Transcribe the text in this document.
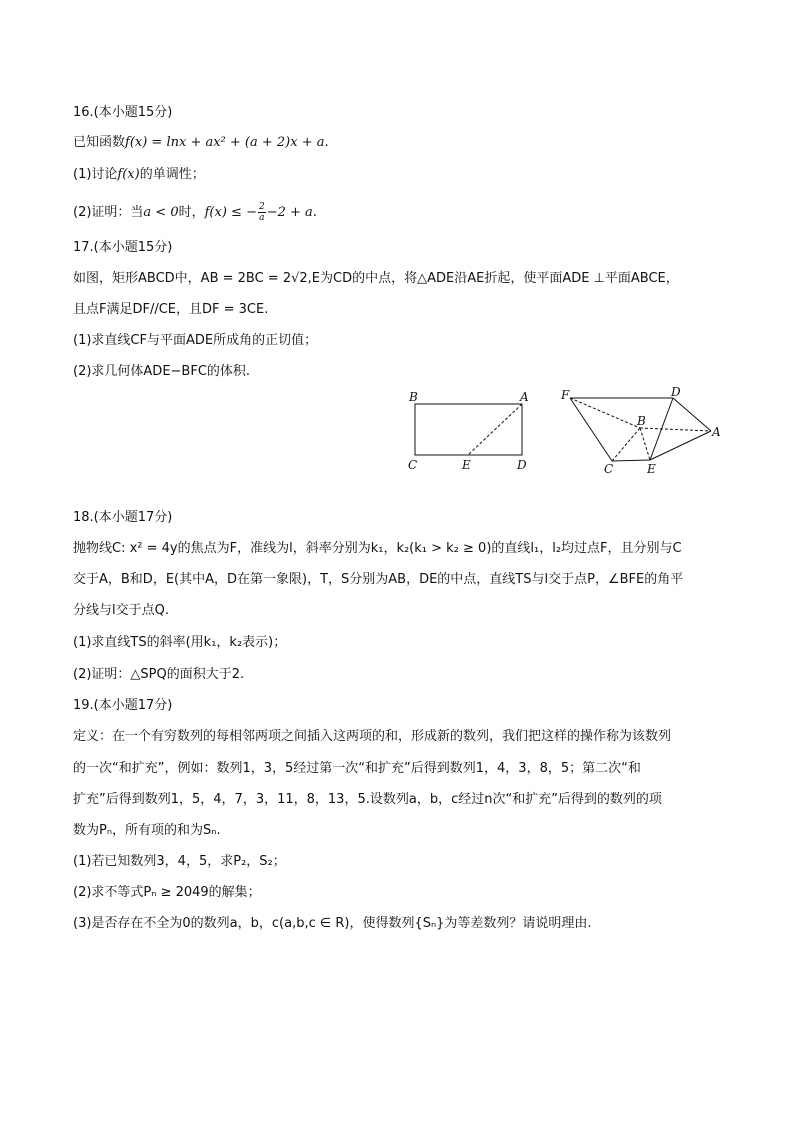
16.(本小题15分)
已知函数f(x) = lnx + ax² + (a + 2)x + a.
(1)讨论f(x)的单调性；
(2)证明：当a < 0时，f(x) ≤ − $\frac{2}{a} -2 + a$.
17.(本小题15分)
如图，矩形ABCD中，AB = 2BC = 2√2,E为CD的中点，将△ADE沿AE折起，使平面ADE ⊥平面ABCE，
且点F满足DF//CE，且DF = 3CE.
(1)求直线CF与平面ADE所成角的正切值；
(2)求几何体ADE−BFC的体积.
B	A
C	E	D
F	D
B
A
C	E
18.(本小题17分)
抛物线C: x² = 4y的焦点为F，准线为l，斜率分别为k₁，k₂(k₁ > k₂ ≥ 0)的直线l₁，l₂均过点F，且分别与C
交于A，B和D，E(其中A，D在第一象限)，T，S分别为AB，DE的中点，直线TS与l交于点P，∠BFE的角平
分线与l交于点Q.
(1)求直线TS的斜率(用k₁，k₂表示)；
(2)证明：△SPQ的面积大于2.
19.(本小题17分)
定义：在一个有穷数列的每相邻两项之间插入这两项的和，形成新的数列，我们把这样的操作称为该数列
的一次“和扩充”，例如：数列1，3，5经过第一次“和扩充”后得到数列1，4，3，8，5；第二次“和
扩充”后得到数列1，5，4，7，3，11，8，13，5.设数列a，b，c经过n次“和扩充”后得到的数列的项
数为Pₙ，所有项的和为Sₙ.
(1)若已知数列3，4，5，求P₂，S₂；
(2)求不等式Pₙ ≥ 2049的解集；
(3)是否存在不全为0的数列a，b，c(a,b,c ∈ R)，使得数列{Sₙ}为等差数列？请说明理由.
